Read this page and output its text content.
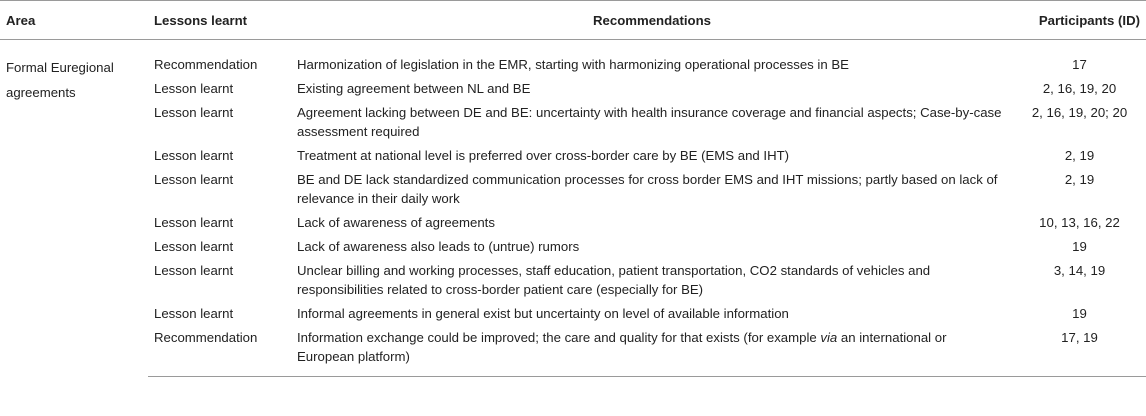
Area	Lessons learnt	Recommendations	Participants (ID)
Formal Euregional agreements	Recommendation	Harmonization of legislation in the EMR, starting with harmonizing operational processes in BE	17
	Lesson learnt	Existing agreement between NL and BE	2, 16, 19, 20
	Lesson learnt	Agreement lacking between DE and BE: uncertainty with health insurance coverage and financial aspects; Case-by-case assessment required	2, 16, 19, 20; 20
	Lesson learnt	Treatment at national level is preferred over cross-border care by BE (EMS and IHT)	2, 19
	Lesson learnt	BE and DE lack standardized communication processes for cross border EMS and IHT missions; partly based on lack of relevance in their daily work	2, 19
	Lesson learnt	Lack of awareness of agreements	10, 13, 16, 22
	Lesson learnt	Lack of awareness also leads to (untrue) rumors	19
	Lesson learnt	Unclear billing and working processes, staff education, patient transportation, CO2 standards of vehicles and responsibilities related to cross-border patient care (especially for BE)	3, 14, 19
	Lesson learnt	Informal agreements in general exist but uncertainty on level of available information	19
	Recommendation	Information exchange could be improved; the care and quality for that exists (for example via an international or European platform)	17, 19
